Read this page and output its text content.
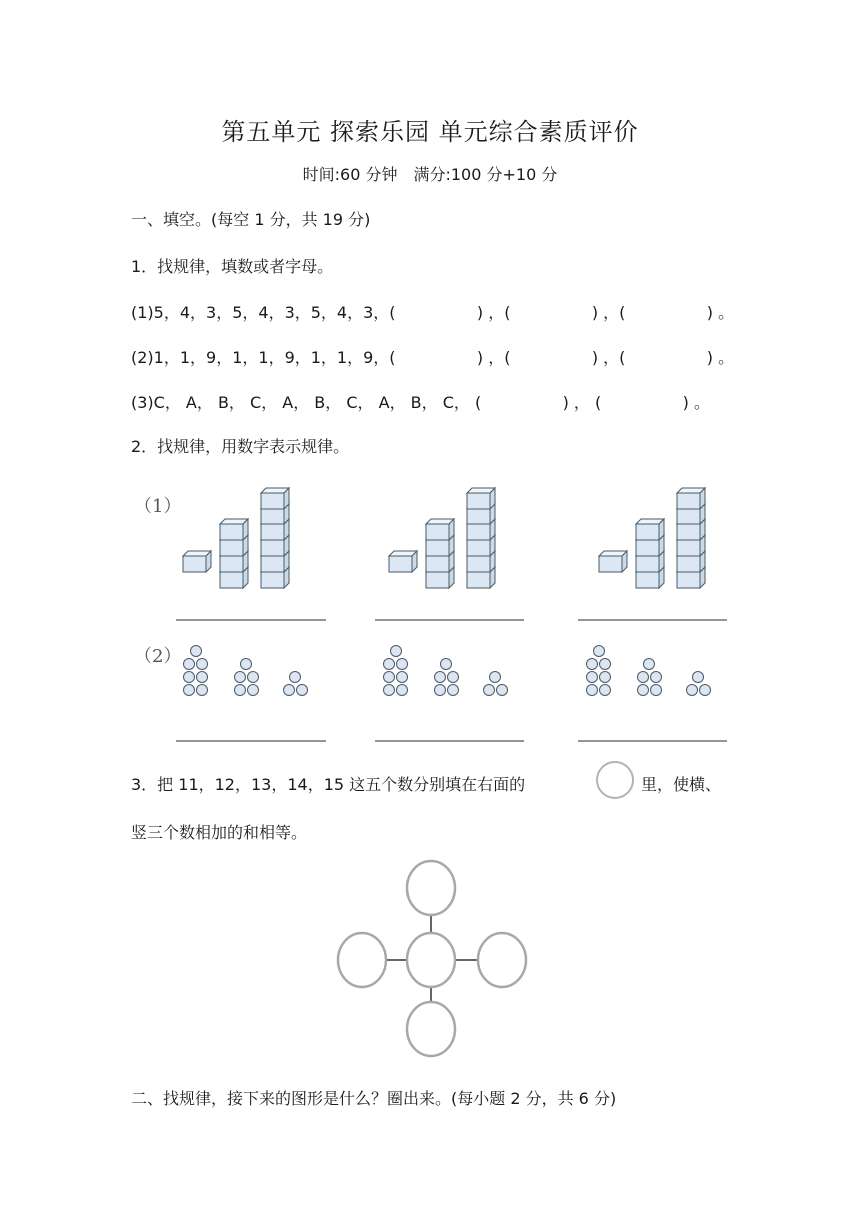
第五单元 探索乐园 单元综合素质评价
时间:60 分钟　满分:100 分+10 分
一、填空。(每空 1 分，共 19 分)
1．找规律，填数或者字母。
(1)5，4，3，5，4，3，5，4，3，(                ) ，(                ) ，(                ) 。
(2)1，1，9，1，1，9，1，1，9，(                ) ，(                ) ，(                ) 。
(3)C， A， B， C， A， B， C， A， B， C， (                ) ， (                ) 。
2．找规律，用数字表示规律。
（1）
（2）
3．把 11，12，13，14，15 这五个数分别填在右面的	里，使横、
竖三个数相加的和相等。
二、找规律，接下来的图形是什么？圈出来。(每小题 2 分，共 6 分)
